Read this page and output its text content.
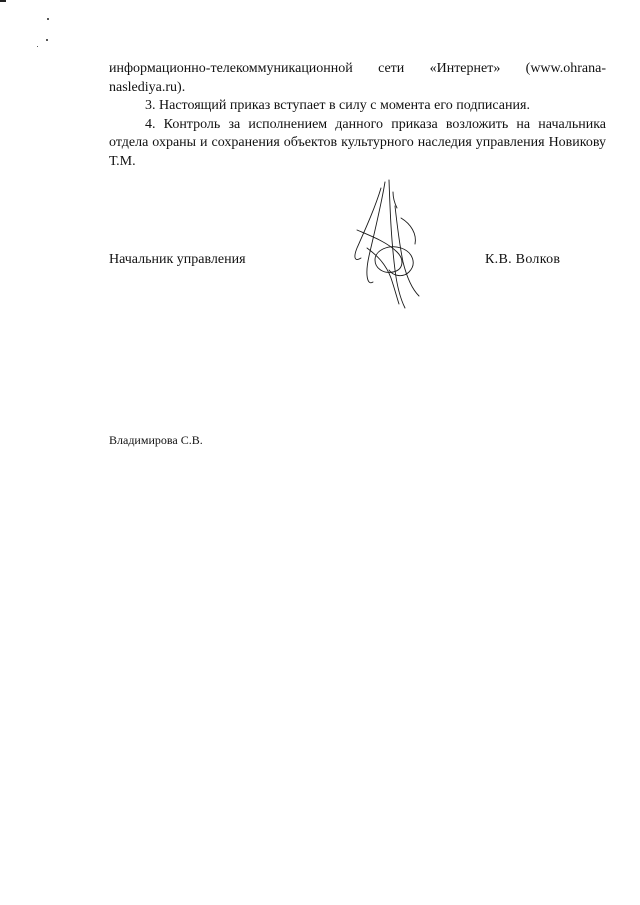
информационно-телекоммуникационной сети «Интернет» (www.ohrana-

naslediya.ru).

3. Настоящий приказ вступает в силу с момента его подписания.

4. Контроль за исполнением данного приказа возложить на начальника отдела охраны и сохранения объектов культурного наследия управления Новикову Т.М.

Начальник управления	К.В. Волков
Владимирова С.В.
